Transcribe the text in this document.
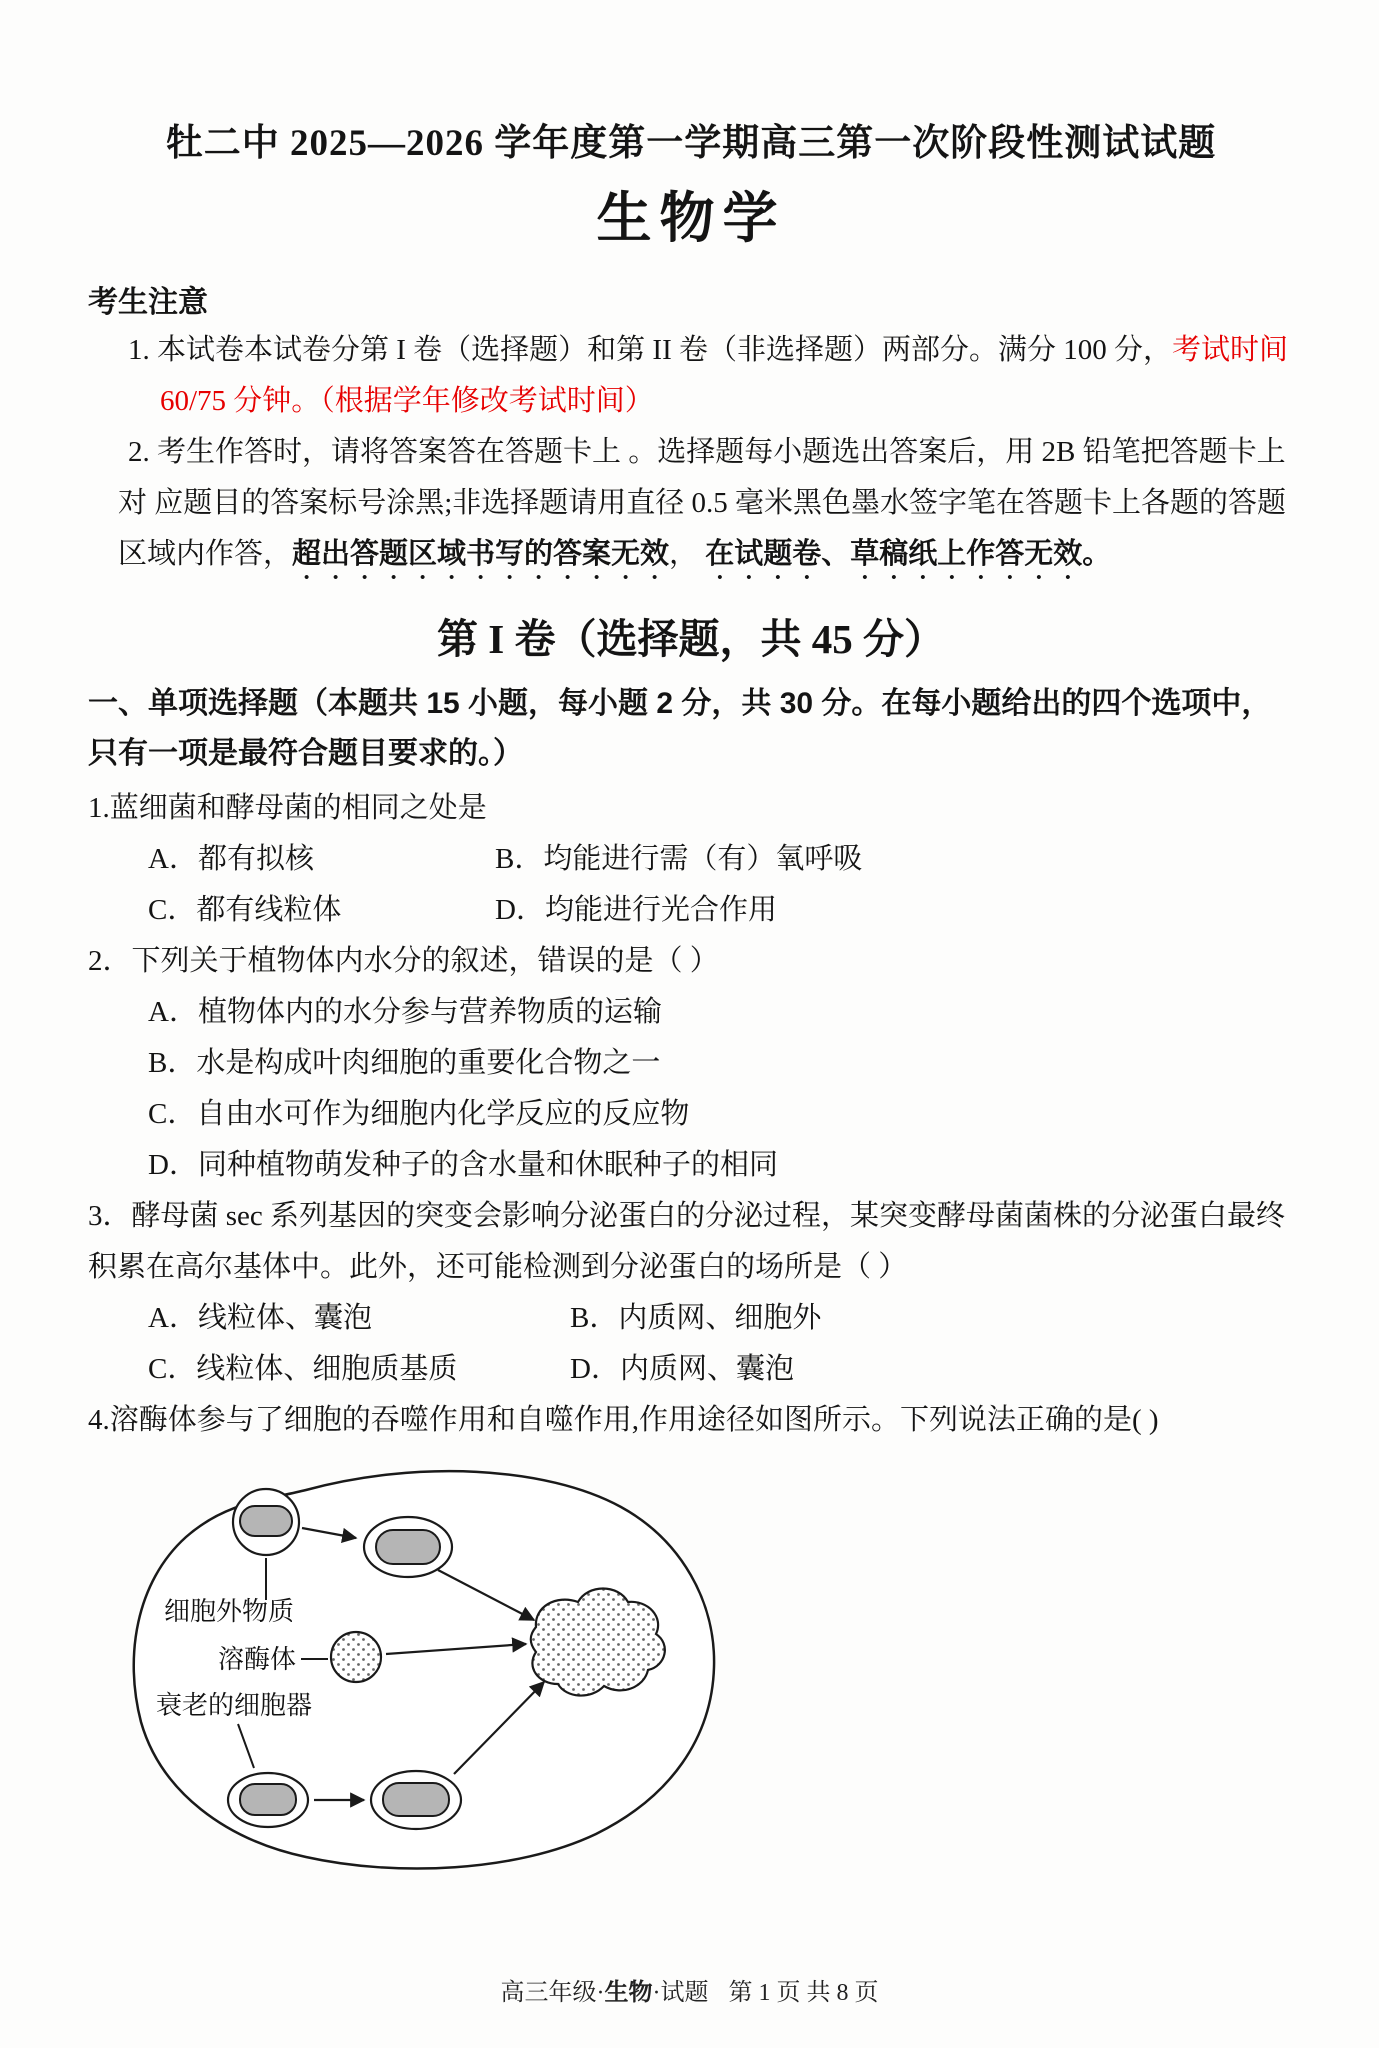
牡二中 2025—2026 学年度第一学期高三第一次阶段性测试试题
生物学

考生注意

1. 本试卷本试卷分第 I 卷（选择题）和第 II 卷（非选择题）两部分。满分 100 分，考试时间 60/75 分钟。（根据学年修改考试时间）

2. 考生作答时，请将答案答在答题卡上 。选择题每小题选出答案后，用 2B 铅笔把答题卡上对 应题目的答案标号涂黑;非选择题请用直径 0.5 毫米黑色墨水签字笔在答题卡上各题的答题区域内作答，超出答题区域书写的答案无效， 在试题卷、草稿纸上作答无效。

第 I 卷（选择题，共 45 分）

一、单项选择题（本题共 15 小题，每小题 2 分，共 30 分。在每小题给出的四个选项中，只有一项是最符合题目要求的。）

1.蓝细菌和酵母菌的相同之处是

A．都有拟核	B．均能进行需（有）氧呼吸
C．都有线粒体	D．均能进行光合作用

2．下列关于植物体内水分的叙述，错误的是（ ）

A．植物体内的水分参与营养物质的运输
B．水是构成叶肉细胞的重要化合物之一
C．自由水可作为细胞内化学反应的反应物
D．同种植物萌发种子的含水量和休眠种子的相同

3．酵母菌 sec 系列基因的突变会影响分泌蛋白的分泌过程，某突变酵母菌菌株的分泌蛋白最终积累在高尔基体中。此外，还可能检测到分泌蛋白的场所是（ ）

A．线粒体、囊泡	B．内质网、细胞外
C．线粒体、细胞质基质	D．内质网、囊泡

4.溶酶体参与了细胞的吞噬作用和自噬作用,作用途径如图所示。下列说法正确的是( )

细胞外物质
溶酶体
衰老的细胞器
高三年级·生物·试题 第 1 页 共 8 页
